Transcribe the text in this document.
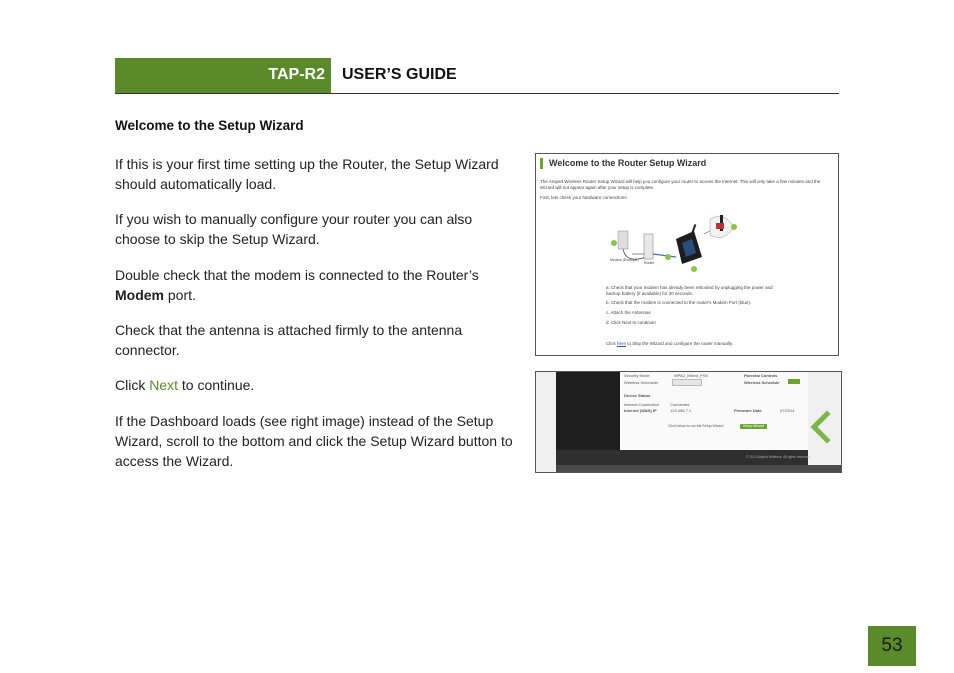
TAP-R2	USER’S GUIDE
Welcome to the Setup Wizard
If this is your first time setting up the Router, the Setup Wizard should automatically load.
If you wish to manually configure your router you can also choose to skip the Setup Wizard.
Double check that the modem is connected to the Router’s Modem port.
Check that the antenna is attached firmly to the antenna connector.
Click Next to continue.
If the Dashboard loads (see right image) instead of the Setup Wizard, scroll to the bottom and click the Setup Wizard button to access the Wizard.
Welcome to the Router Setup Wizard
The Amped Wireless Router Setup Wizard will help you configure your router to access the Internet. This will only take a few minutes and the
Wizard will not appear again after your setup is complete.
First, lets check your hardware connections:
Modem (Example)
Router
a. Check that your modem has already been rebooted by unplugging the power and
backup battery (if available) for 30 seconds.
b. Check that the modem is connected to the router's Modem Port (blue).
c. Attach the Antennas
d. Click Next to continue!
Click here to Skip the Wizard and configure the router manually.
Security Mode	WPA2_Mixed_PSK	Parental Controls
Wireless Scheduler	Wireless Schedule
Device Status
Internet Connection	Connected
Internet (WAN) IP	123.456.7.1	Firmware Date	07/2014
Click below to run the Setup Wizard	Setup Wizard
© 2014 Amped Wireless. All rights reserved.
53
